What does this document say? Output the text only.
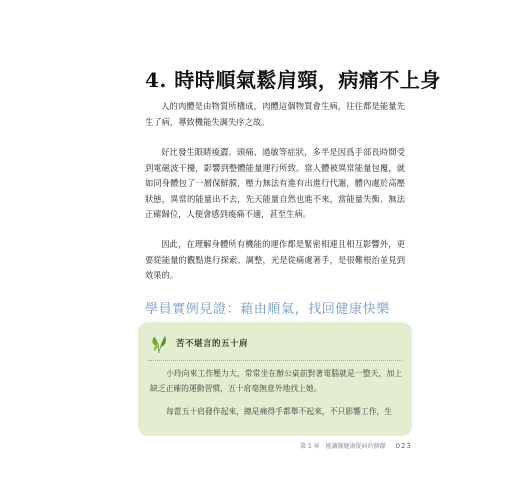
4. 時時順氣鬆肩頸，病痛不上身

人的肉體是由物質所構成，肉體這個物質會生病，往往都是能量先生了病，導致機能失調失序之故。

好比發生眼睛痠澀、頭痛、過敏等症狀，多半是因爲手部長時間受到電磁波干擾，影響到整體能量運行所致。當人體被異常能量包覆，就如同身體包了一層保鮮膜，壓力無法有進有出進行代謝，體內處於高壓狀態，異常的能量出不去，先天能量自然也進不來，當能量失衡、無法正確歸位，人便會感到痠痛不適，甚至生病。

因此，在理解身體所有機能的運作都是緊密相連且相互影響外，更要從能量的觀點進行探索、調整，光是從痛處著手，是很難根治並見到效果的。

學員實例見證：藉由順氣，找回健康快樂
苦不堪言的五十肩

小玲向來工作壓力大，常常坐在辦公桌前對著電腦就是一整天，加上缺乏正確的運動習慣，五十肩毫無意外地找上她。

每當五十肩發作起來，總是痛得手都舉不起來，不只影響工作，生

第 1 章　能讓圖健康從病的個源 023
